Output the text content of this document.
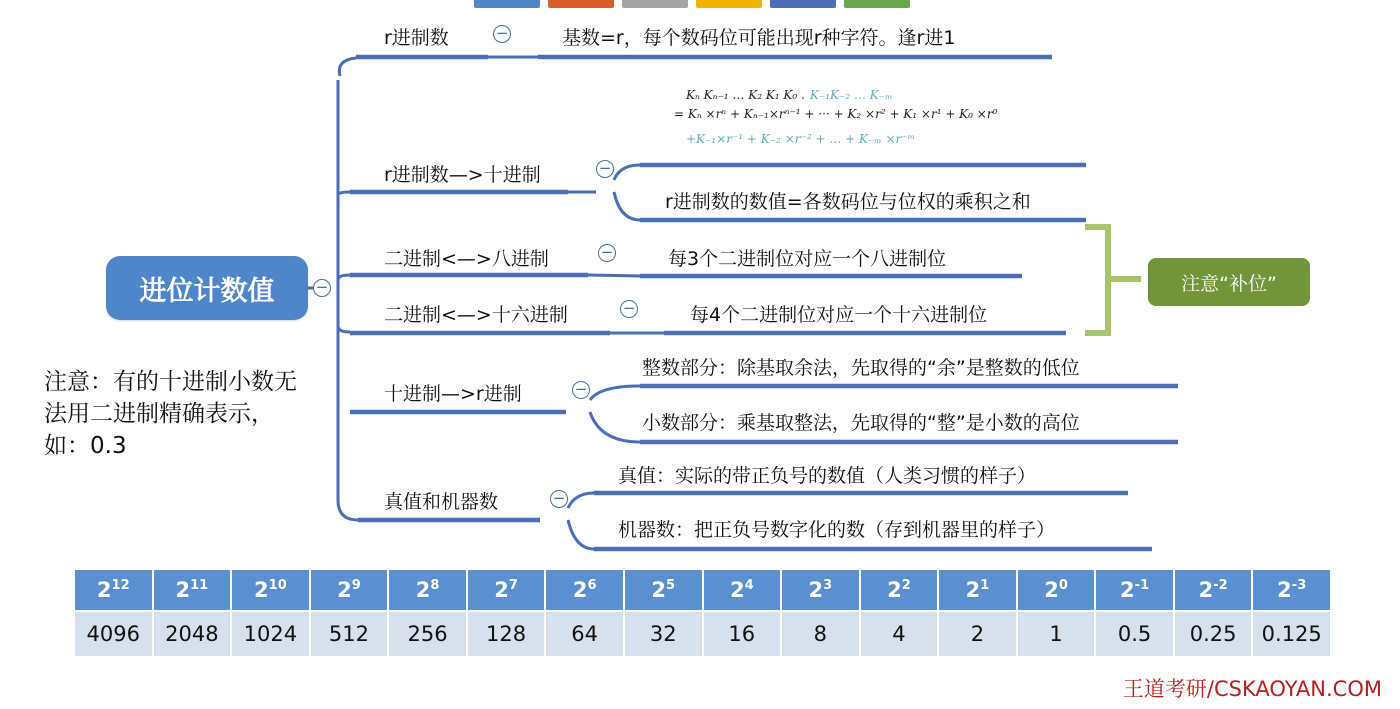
进位计数值	−
r进制数	−	基数=r，每个数码位可能出现r种字符。逢r进1
Kₙ Kₙ₋₁ … K₂ K₁ K₀ . K₋₁K₋₂ … K₋ₘ
= Kₙ ×rⁿ + Kₙ₋₁×rⁿ⁻¹ + ··· + K₂ ×r² + K₁ ×r¹ + K₀ ×r⁰
+K₋₁×r⁻¹ + K₋₂ ×r⁻² + … + K₋ₘ ×r⁻ᵐ
r进制数—>十进制	−
r进制数的数值=各数码位与位权的乘积之和
二进制<—>八进制	−	每3个二进制位对应一个八进制位
二进制<—>十六进制	−	每4个二进制位对应一个十六进制位
十进制—>r进制	−
整数部分：除基取余法，先取得的“余”是整数的低位
小数部分：乘基取整法，先取得的“整”是小数的高位
真值和机器数	−
真值：实际的带正负号的数值（人类习惯的样子）
机器数：把正负号数字化的数（存到机器里的样子）
注意“补位”
注意：有的十进制小数无法用二进制精确表示，如：0.3
$2^{12}$	$2^{11}$	$2^{10}$	$2^9$	$2^8$	$2^7$	$2^6$	$2^5$	$2^4$	$2^3$	$2^2$	$2^1$	$2^0$	$2^{-1}$	$2^{-2}$	$2^{-3}$
4096	2048	1024	512	256	128	64	32	16	8	4	2	1	0.5	0.25	0.125
王道考研/CSKAOYAN.COM
